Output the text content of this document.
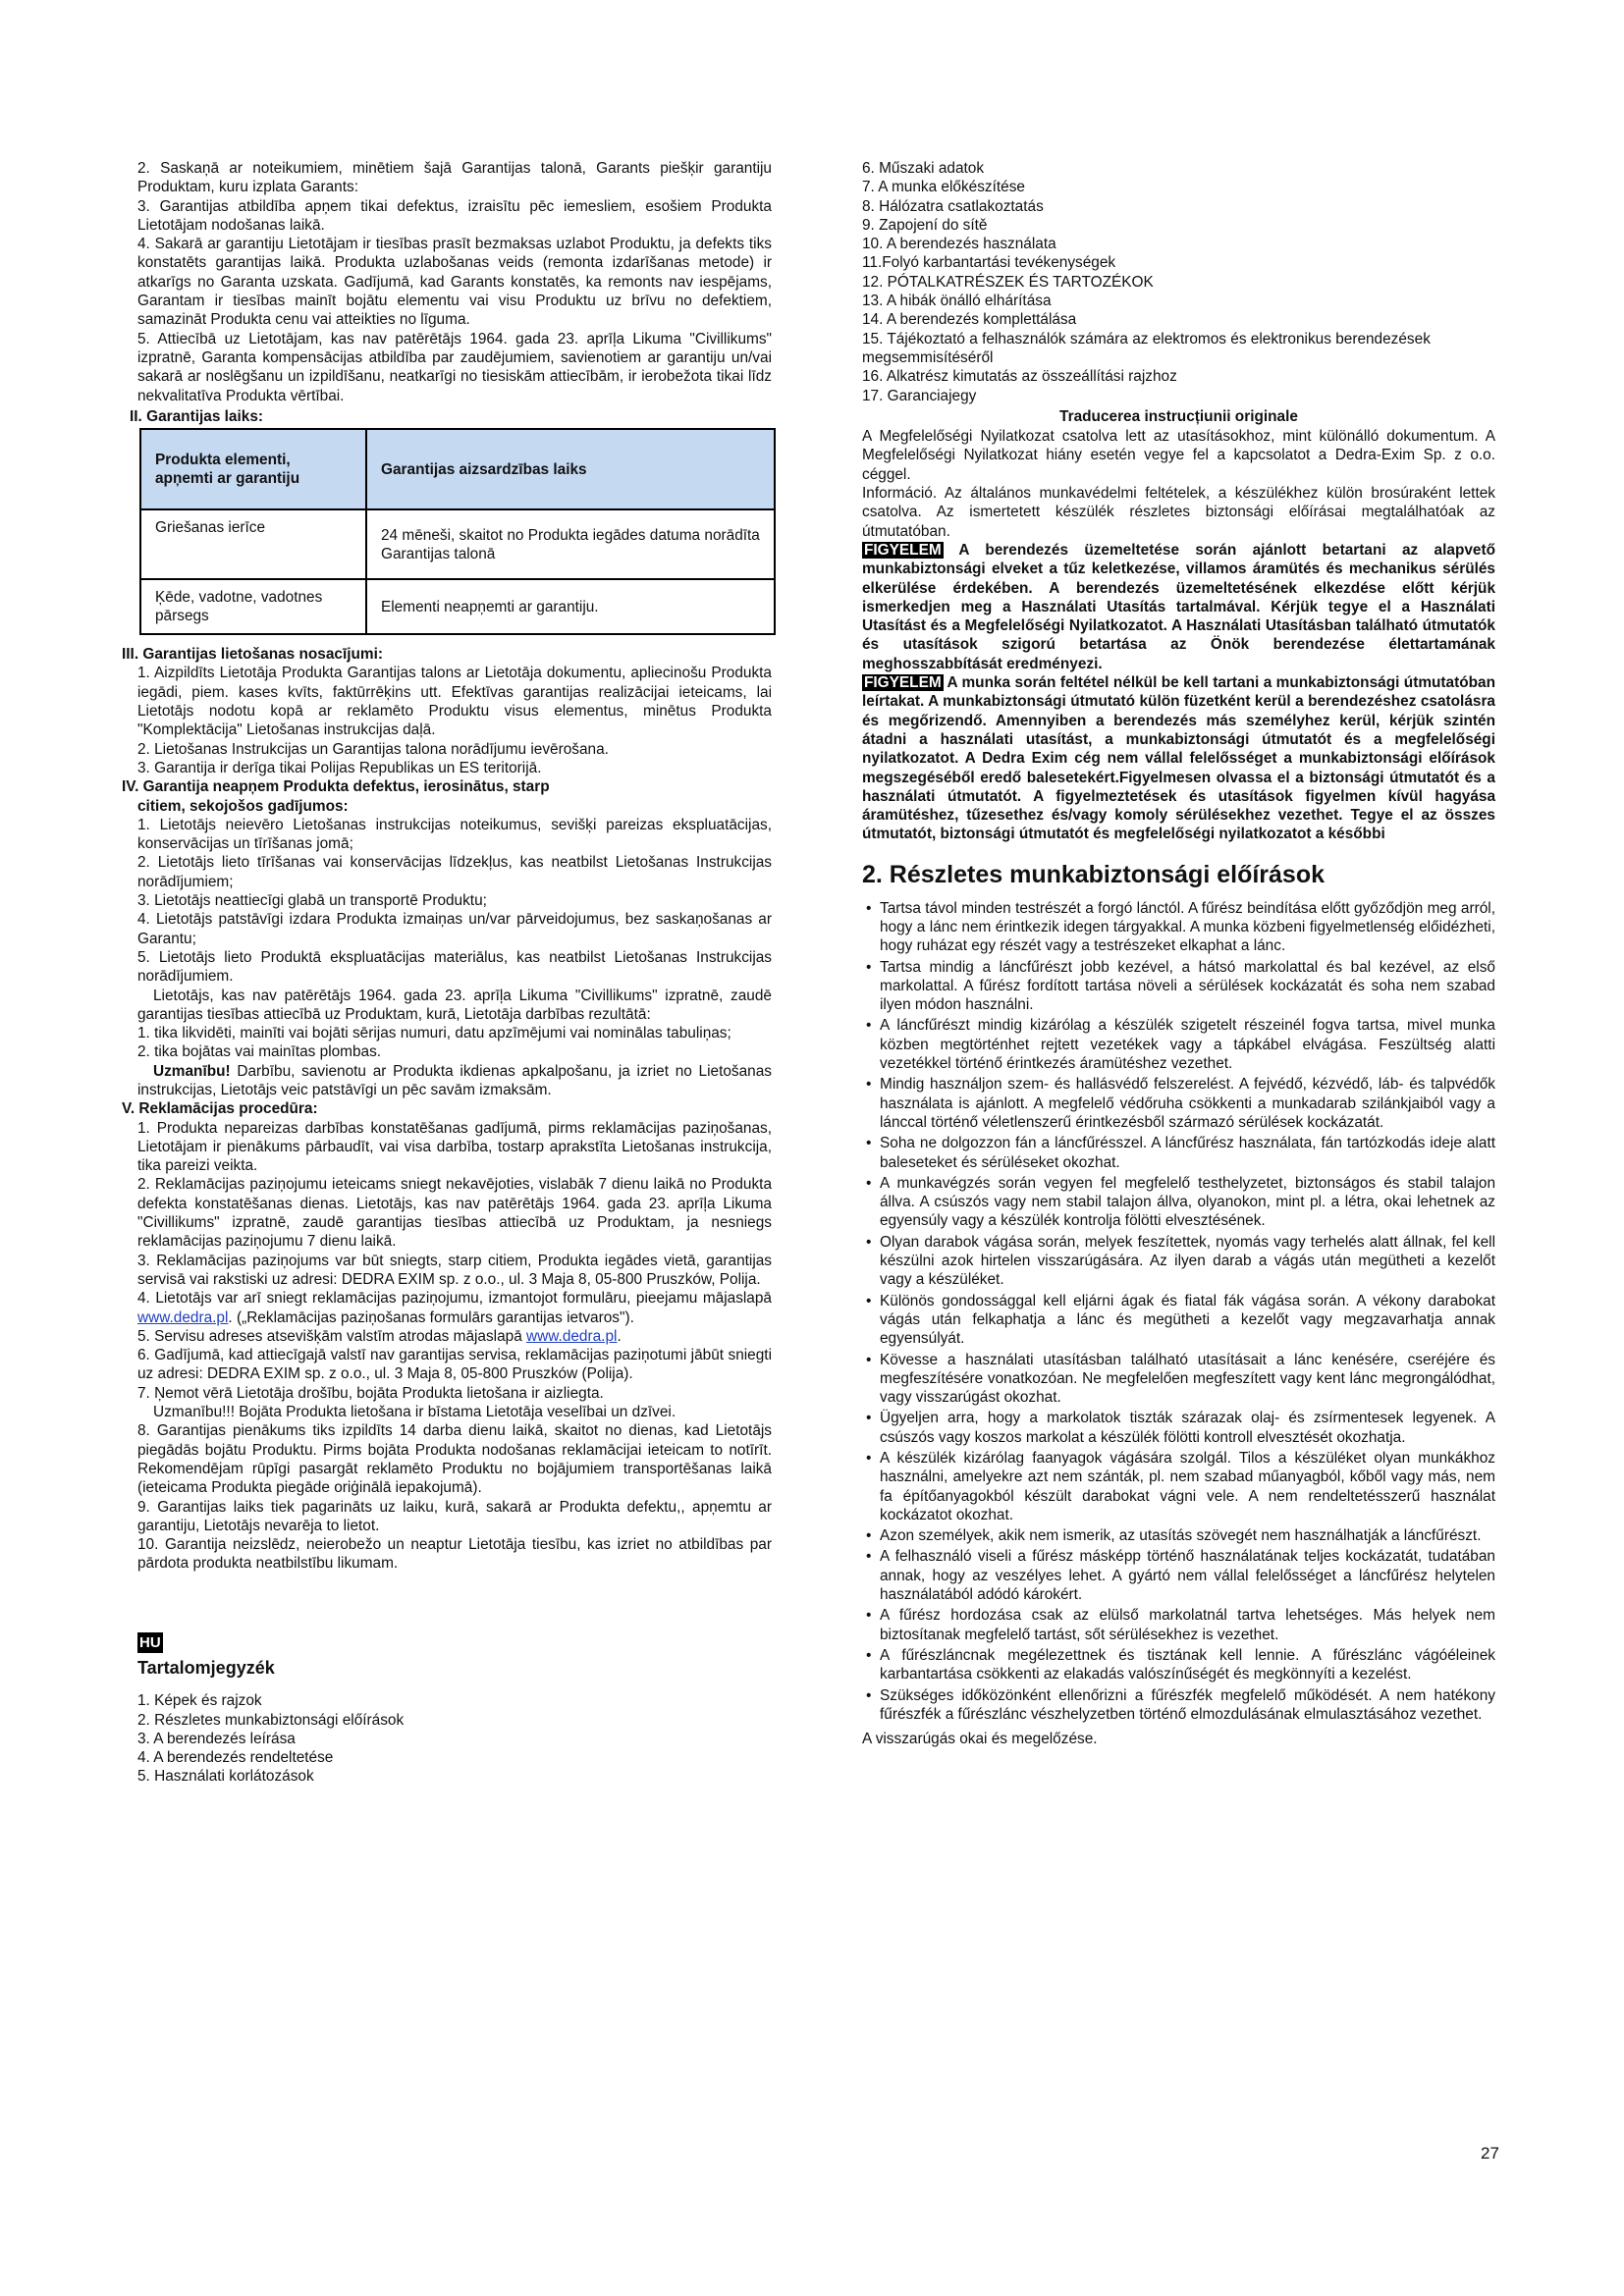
2. Saskaņā ar noteikumiem, minētiem šajā Garantijas talonā, Garants piešķir garantiju Produktam, kuru izplata Garants:

3. Garantijas atbildība apņem tikai defektus, izraisītu pēc iemesliem, esošiem Produkta Lietotājam nodošanas laikā.

4. Sakarā ar garantiju Lietotājam ir tiesības prasīt bezmaksas uzlabot Produktu, ja defekts tiks konstatēts garantijas laikā. Produkta uzlabošanas veids (remonta izdarīšanas metode) ir atkarīgs no Garanta uzskata. Gadījumā, kad Garants konstatēs, ka remonts nav iespējams, Garantam ir tiesības mainīt bojātu elementu vai visu Produktu uz brīvu no defektiem, samazināt Produkta cenu vai atteikties no līguma.

5. Attiecībā uz Lietotājam, kas nav patērētājs 1964. gada 23. aprīļa Likuma "Civillikums" izpratnē, Garanta kompensācijas atbildība par zaudējumiem, savienotiem ar garantiju un/vai sakarā ar noslēgšanu un izpildīšanu, neatkarīgi no tiesiskām attiecībām, ir ierobežota tikai līdz nekvalitatīva Produkta vērtībai.

II. Garantijas laiks:

Produkta elementi, apņemti ar garantiju	Garantijas aizsardzības laiks
Griešanas ierīce	24 mēneši, skaitot no Produkta iegādes datuma norādīta Garantijas talonā
Ķēde, vadotne, vadotnes pārsegs	Elementi neapņemti ar garantiju.

III. Garantijas lietošanas nosacījumi:

1. Aizpildīts Lietotāja Produkta Garantijas talons ar Lietotāja dokumentu, apliecinošu Produkta iegādi, piem. kases kvīts, faktūrrēķins utt. Efektīvas garantijas realizācijai ieteicams, lai Lietotājs nodotu kopā ar reklamēto Produktu visus elementus, minētus Produkta "Komplektācija" Lietošanas instrukcijas daļā.

2. Lietošanas Instrukcijas un Garantijas talona norādījumu ievērošana.

3. Garantija ir derīga tikai Polijas Republikas un ES teritorijā.

IV. Garantija neapņem Produkta defektus, ierosinātus, starp

citiem, sekojošos gadījumos:

1. Lietotājs neievēro Lietošanas instrukcijas noteikumus, sevišķi pareizas ekspluatācijas, konservācijas un tīrīšanas jomā;

2. Lietotājs lieto tīrīšanas vai konservācijas līdzekļus, kas neatbilst Lietošanas Instrukcijas norādījumiem;

3. Lietotājs neattiecīgi glabā un transportē Produktu;

4. Lietotājs patstāvīgi izdara Produkta izmaiņas un/var pārveidojumus, bez saskaņošanas ar Garantu;

5. Lietotājs lieto Produktā ekspluatācijas materiālus, kas neatbilst Lietošanas Instrukcijas norādījumiem.

Lietotājs, kas nav patērētājs 1964. gada 23. aprīļa Likuma "Civillikums" izpratnē, zaudē garantijas tiesības attiecībā uz Produktam, kurā, Lietotāja darbības rezultātā:

1. tika likvidēti, mainīti vai bojāti sērijas numuri, datu apzīmējumi vai nominālas tabuliņas;

2. tika bojātas vai mainītas plombas.

Uzmanību! Darbību, savienotu ar Produkta ikdienas apkalpošanu, ja izriet no Lietošanas instrukcijas, Lietotājs veic patstāvīgi un pēc savām izmaksām.

V. Reklamācijas procedūra:

1. Produkta nepareizas darbības konstatēšanas gadījumā, pirms reklamācijas paziņošanas, Lietotājam ir pienākums pārbaudīt, vai visa darbība, tostarp aprakstīta Lietošanas instrukcija, tika pareizi veikta.

2. Reklamācijas paziņojumu ieteicams sniegt nekavējoties, vislabāk 7 dienu laikā no Produkta defekta konstatēšanas dienas. Lietotājs, kas nav patērētājs 1964. gada 23. aprīļa Likuma "Civillikums" izpratnē, zaudē garantijas tiesības attiecībā uz Produktam, ja nesniegs reklamācijas paziņojumu 7 dienu laikā.

3. Reklamācijas paziņojums var būt sniegts, starp citiem, Produkta iegādes vietā, garantijas servisā vai rakstiski uz adresi: DEDRA EXIM sp. z o.o., ul. 3 Maja 8, 05-800 Pruszków, Polija.

4. Lietotājs var arī sniegt reklamācijas paziņojumu, izmantojot formulāru, pieejamu mājaslapā www.dedra.pl. („Reklamācijas paziņošanas formulārs garantijas ietvaros").

5. Servisu adreses atsevišķām valstīm atrodas mājaslapā www.dedra.pl.

6. Gadījumā, kad attiecīgajā valstī nav garantijas servisa, reklamācijas paziņotumi jābūt sniegti uz adresi: DEDRA EXIM sp. z o.o., ul. 3 Maja 8, 05-800 Pruszków (Polija).

7. Ņemot vērā Lietotāja drošību, bojāta Produkta lietošana ir aizliegta.

Uzmanību!!! Bojāta Produkta lietošana ir bīstama Lietotāja veselībai un dzīvei.

8. Garantijas pienākums tiks izpildīts 14 darba dienu laikā, skaitot no dienas, kad Lietotājs piegādās bojātu Produktu. Pirms bojāta Produkta nodošanas reklamācijai ieteicam to notīrīt. Rekomendējam rūpīgi pasargāt reklamēto Produktu no bojājumiem transportēšanas laikā (ieteicama Produkta piegāde oriģinālā iepakojumā).

9. Garantijas laiks tiek pagarināts uz laiku, kurā, sakarā ar Produkta defektu,, apņemtu ar garantiju, Lietotājs nevarēja to lietot.

10. Garantija neizslēdz, neierobežo un neaptur Lietotāja tiesību, kas izriet no atbildības par pārdota produkta neatbilstību likumam.

HU

Tartalomjegyzék

1. Képek és rajzok

2. Részletes munkabiztonsági előírások

3. A berendezés leírása

4. A berendezés rendeltetése

5. Használati korlátozások

6. Műszaki adatok

7. A munka előkészítése

8. Hálózatra csatlakoztatás

9. Zapojení do sítě

10. A berendezés használata

11.Folyó karbantartási tevékenységek

12. PÓTALKATRÉSZEK ÉS TARTOZÉKOK

13. A hibák önálló elhárítása

14. A berendezés komplettálása

15. Tájékoztató a felhasználók számára az elektromos és elektronikus berendezések megsemmisítéséről

16. Alkatrész kimutatás az összeállítási rajzhoz

17. Garanciajegy

Traducerea instrucțiunii originale

A Megfelelőségi Nyilatkozat csatolva lett az utasításokhoz, mint különálló dokumentum. A Megfelelőségi Nyilatkozat hiány esetén vegye fel a kapcsolatot a Dedra-Exim Sp. z o.o. céggel.

Információ. Az általános munkavédelmi feltételek, a készülékhez külön brosúraként lettek csatolva. Az ismertetett készülék részletes biztonsági előírásai megtalálhatóak az útmutatóban.

FIGYELEM A berendezés üzemeltetése során ajánlott betartani az alapvető munkabiztonsági elveket a tűz keletkezése, villamos áramütés és mechanikus sérülés elkerülése érdekében. A berendezés üzemeltetésének elkezdése előtt kérjük ismerkedjen meg a Használati Utasítás tartalmával. Kérjük tegye el a Használati Utasítást és a Megfelelőségi Nyilatkozatot. A Használati Utasításban található útmutatók és utasítások szigorú betartása az Önök berendezése élettartamának meghosszabbítását eredményezi.

FIGYELEM A munka során feltétel nélkül be kell tartani a munkabiztonsági útmutatóban leírtakat. A munkabiztonsági útmutató külön füzetként kerül a berendezéshez csatolásra és megőrizendő. Amennyiben a berendezés más személyhez kerül, kérjük szintén átadni a használati utasítást, a munkabiztonsági útmutatót és a megfelelőségi nyilatkozatot. A Dedra Exim cég nem vállal felelősséget a munkabiztonsági előírások megszegéséből eredő balesetekért.Figyelmesen olvassa el a biztonsági útmutatót és a használati útmutatót. A figyelmeztetések és utasítások figyelmen kívül hagyása áramütéshez, tűzesethez és/vagy komoly sérülésekhez vezethet. Tegye el az összes útmutatót, biztonsági útmutatót és megfelelőségi nyilatkozatot a későbbi

2. Részletes munkabiztonsági előírások

• Tartsa távol minden testrészét a forgó lánctól. A fűrész beindítása előtt győződjön meg arról, hogy a lánc nem érintkezik idegen tárgyakkal. A munka közbeni figyelmetlenség előidézheti, hogy ruházat egy részét vagy a testrészeket elkaphat a lánc.
• Tartsa mindig a láncfűrészt jobb kezével, a hátsó markolattal és bal kezével, az első markolattal. A fűrész fordított tartása növeli a sérülések kockázatát és soha nem szabad ilyen módon használni.
• A láncfűrészt mindig kizárólag a készülék szigetelt részeinél fogva tartsa, mivel munka közben megtörténhet rejtett vezetékek vagy a tápkábel elvágása. Feszültség alatti vezetékkel történő érintkezés áramütéshez vezethet.
• Mindig használjon szem- és hallásvédő felszerelést. A fejvédő, kézvédő, láb- és talpvédők használata is ajánlott. A megfelelő védőruha csökkenti a munkadarab szilánkjaiból vagy a lánccal történő véletlenszerű érintkezésből származó sérülések kockázatát.
• Soha ne dolgozzon fán a láncfűrésszel. A láncfűrész használata, fán tartózkodás ideje alatt baleseteket és sérüléseket okozhat.
• A munkavégzés során vegyen fel megfelelő testhelyzetet, biztonságos és stabil talajon állva. A csúszós vagy nem stabil talajon állva, olyanokon, mint pl. a létra, okai lehetnek az egyensúly vagy a készülék kontrolja fölötti elvesztésének.
• Olyan darabok vágása során, melyek feszítettek, nyomás vagy terhelés alatt állnak, fel kell készülni azok hirtelen visszarúgására. Az ilyen darab a vágás után megütheti a kezelőt vagy a készüléket.
• Különös gondossággal kell eljárni ágak és fiatal fák vágása során. A vékony darabokat vágás után felkaphatja a lánc és megütheti a kezelőt vagy megzavarhatja annak egyensúlyát.
• Kövesse a használati utasításban található utasításait a lánc kenésére, cseréjére és megfeszítésére vonatkozóan. Ne megfelelően megfeszített vagy kent lánc megrongálódhat, vagy visszarúgást okozhat.
• Ügyeljen arra, hogy a markolatok tiszták szárazak olaj- és zsírmentesek legyenek. A csúszós vagy koszos markolat a készülék fölötti kontroll elvesztését okozhatja.
• A készülék kizárólag faanyagok vágására szolgál. Tilos a készüléket olyan munkákhoz használni, amelyekre azt nem szánták, pl. nem szabad műanyagból, kőből vagy más, nem fa építőanyagokból készült darabokat vágni vele. A nem rendeltetésszerű használat kockázatot okozhat.
• Azon személyek, akik nem ismerik, az utasítás szövegét nem használhatják a láncfűrészt.
• A felhasználó viseli a fűrész másképp történő használatának teljes kockázatát, tudatában annak, hogy az veszélyes lehet. A gyártó nem vállal felelősséget a láncfűrész helytelen használatából adódó károkért.
• A fűrész hordozása csak az elülső markolatnál tartva lehetséges. Más helyek nem biztosítanak megfelelő tartást, sőt sérülésekhez is vezethet.
• A fűrészláncnak megélezettnek és tisztának kell lennie. A fűrészlánc vágóéleinek karbantartása csökkenti az elakadás valószínűségét és megkönnyíti a kezelést.
• Szükséges időközönként ellenőrizni a fűrészfék megfelelő működését. A nem hatékony fűrészfék a fűrészlánc vészhelyzetben történő elmozdulásának elmulasztásához vezethet.

A visszarúgás okai és megelőzése.

27
